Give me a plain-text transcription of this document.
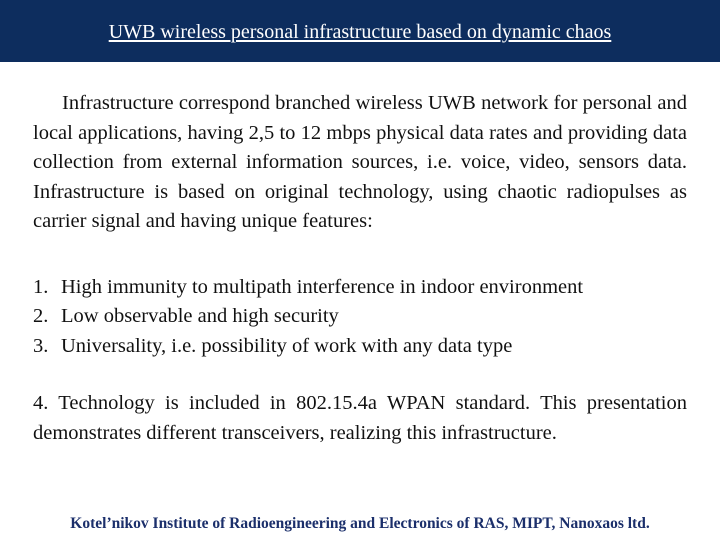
UWB wireless personal infrastructure based on dynamic chaos

Infrastructure correspond branched wireless UWB network for personal and local applications, having 2,5 to 12 mbps physical data rates and providing data collection from external information sources, i.e. voice, video, sensors data. Infrastructure is based on original technology, using chaotic radiopulses as carrier signal and having unique features:

1. High immunity to multipath interference in indoor environment
2. Low observable and high security
3. Universality, i.e. possibility of work with any data type

4. Technology is included in 802.15.4a WPAN standard. This presentation demonstrates different transceivers, realizing this infrastructure.

Kotel’nikov Institute of Radioengineering and Electronics of RAS, MIPT, Nanoxaos ltd.
